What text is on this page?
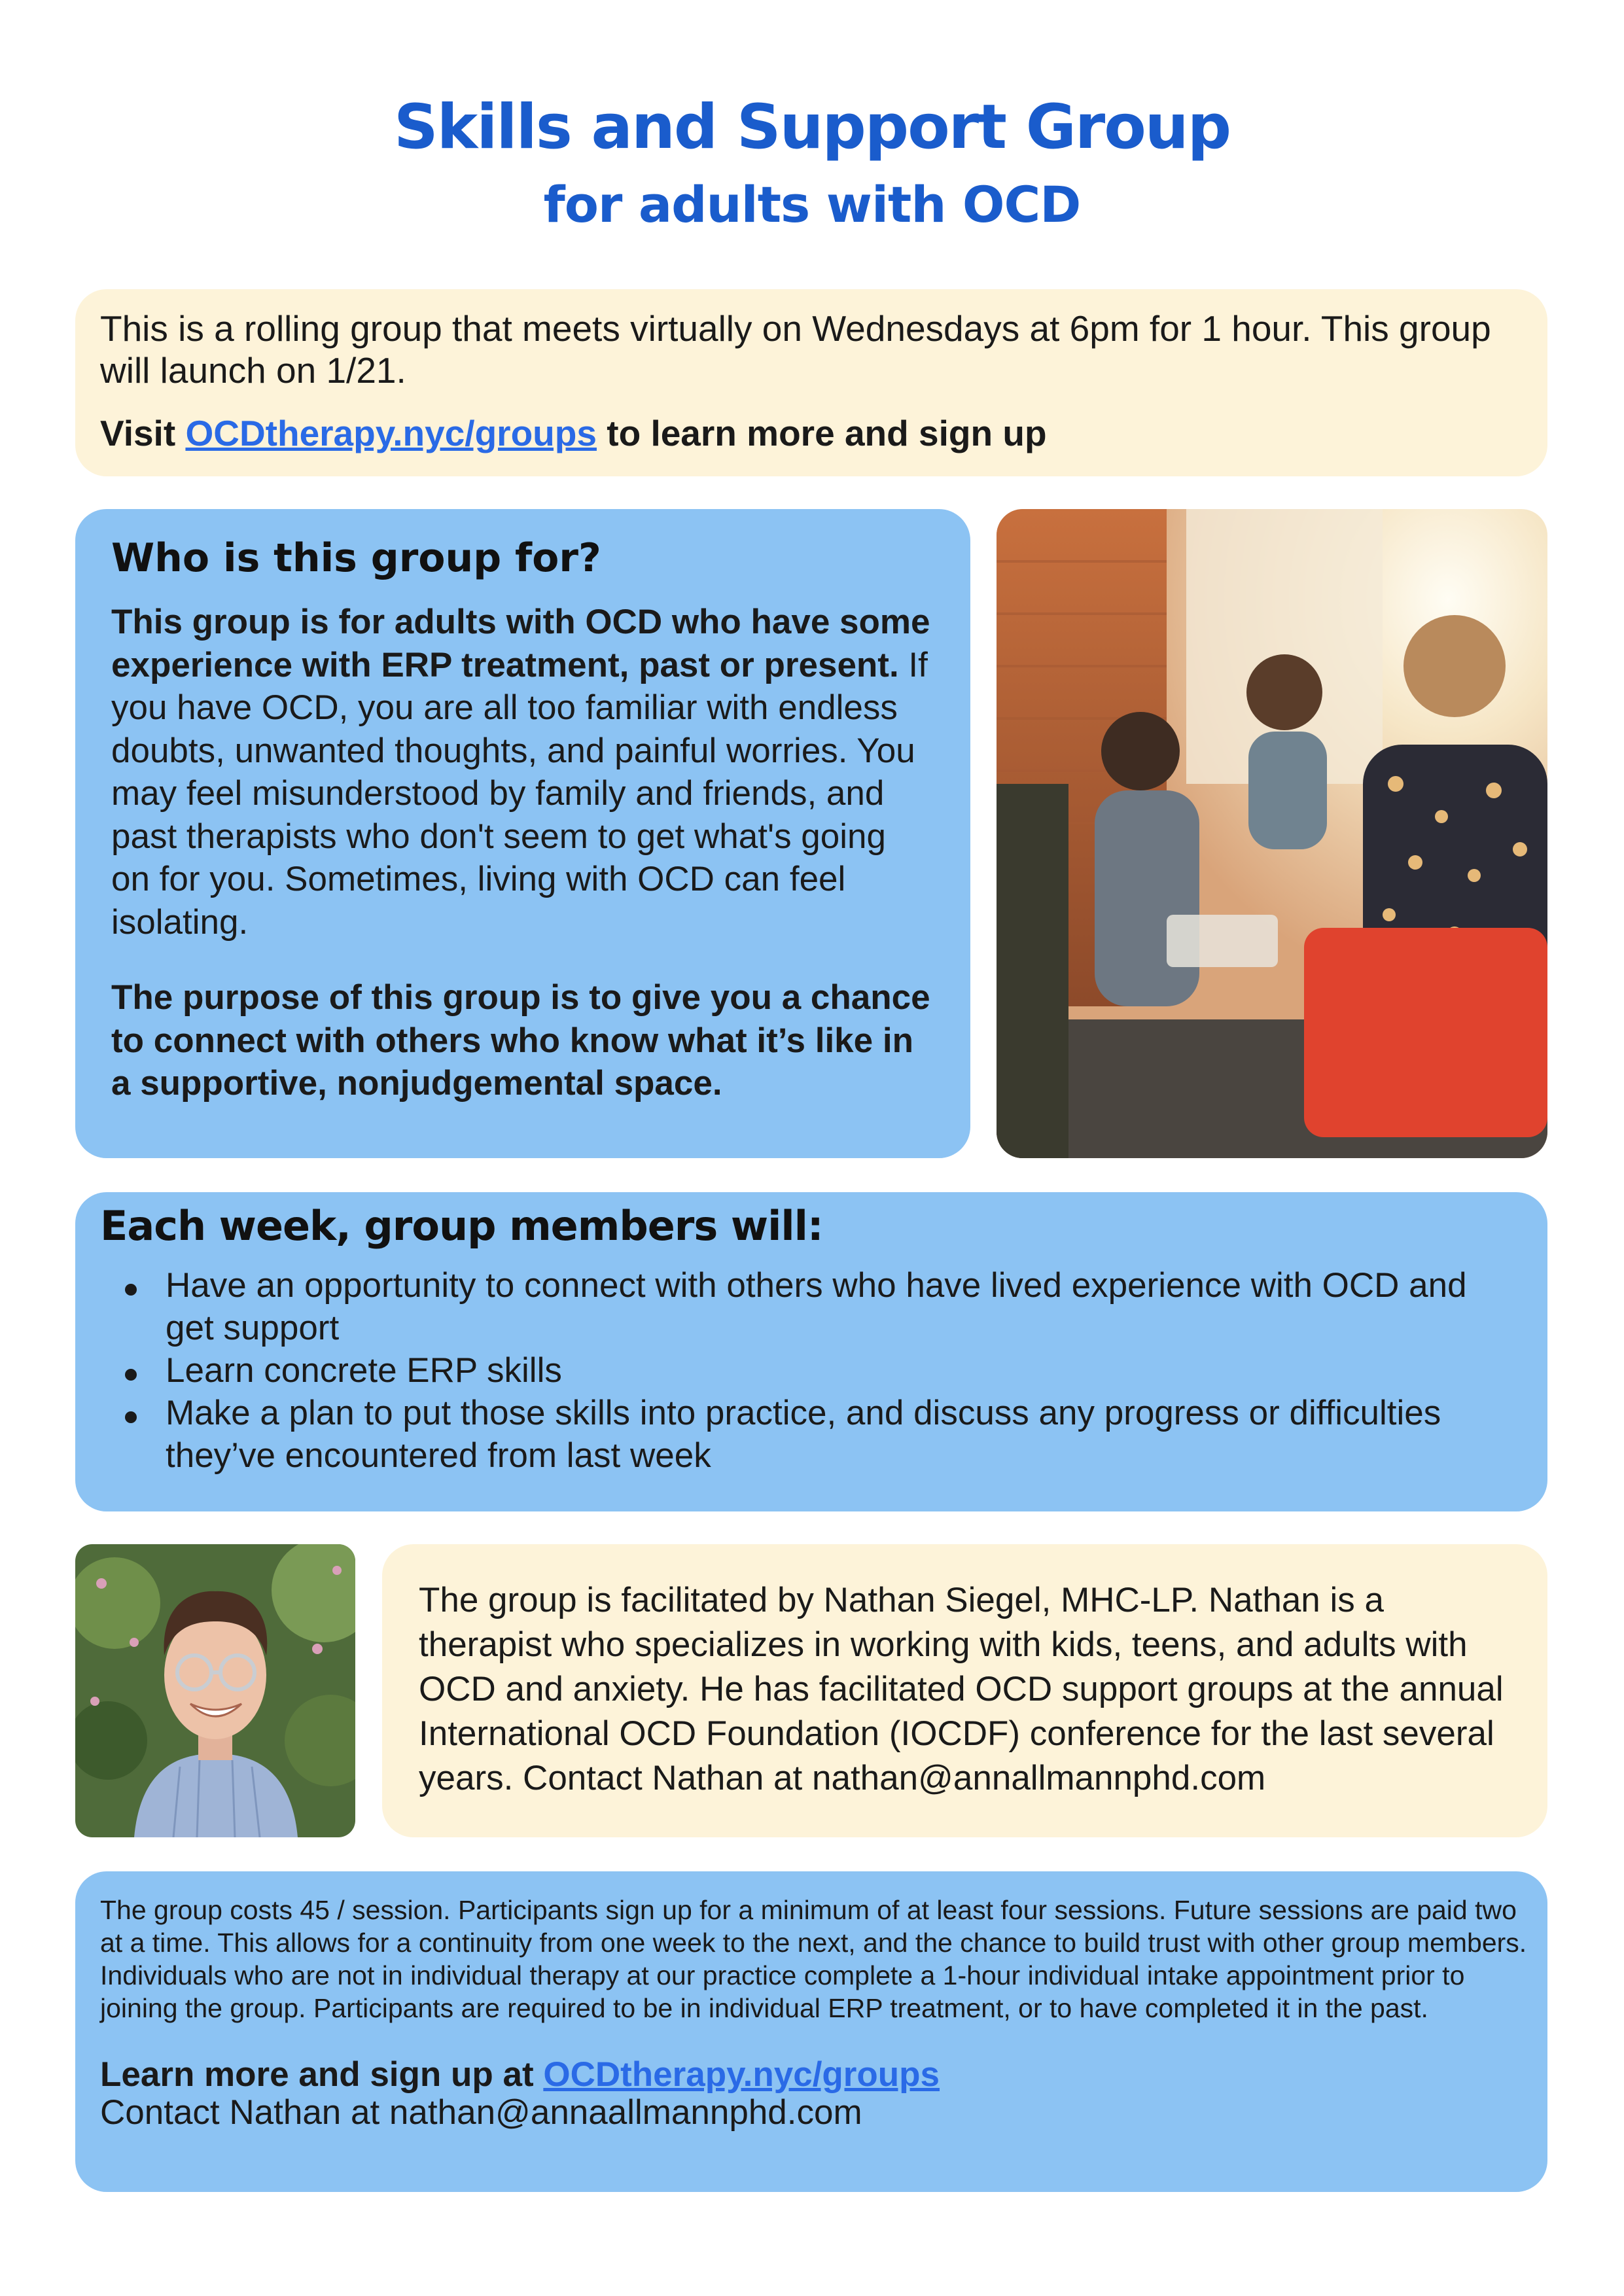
Skills and Support Group
for adults with OCD

This is a rolling group that meets virtually on Wednesdays at 6pm for 1 hour. This group will launch on 1/21.

Visit OCDtherapy.nyc/groups to learn more and sign up

Who is this group for?

This group is for adults with OCD who have some experience with ERP treatment, past or present. If you have OCD, you are all too familiar with endless doubts, unwanted thoughts, and painful worries. You may feel misunderstood by family and friends, and past therapists who don't seem to get what's going on for you. Sometimes, living with OCD can feel isolating.

The purpose of this group is to give you a chance to connect with others who know what it’s like in a supportive, nonjudgemental space.

Each week, group members will:
Have an opportunity to connect with others who have lived experience with OCD and get support
Learn concrete ERP skills
Make a plan to put those skills into practice, and discuss any progress or difficulties they’ve encountered from last week

The group is facilitated by Nathan Siegel, MHC-LP. Nathan is a therapist who specializes in working with kids, teens, and adults with OCD and anxiety. He has facilitated OCD support groups at the annual International OCD Foundation (IOCDF) conference for the last several years. Contact Nathan at nathan@annallmannphd.com

The group costs 45 / session. Participants sign up for a minimum of at least four sessions. Future sessions are paid two at a time. This allows for a continuity from one week to the next, and the chance to build trust with other group members. Individuals who are not in individual therapy at our practice complete a 1-hour individual intake appointment prior to joining the group. Participants are required to be in individual ERP treatment, or to have completed it in the past.

Learn more and sign up at OCDtherapy.nyc/groups

Contact Nathan at nathan@annaallmannphd.com
